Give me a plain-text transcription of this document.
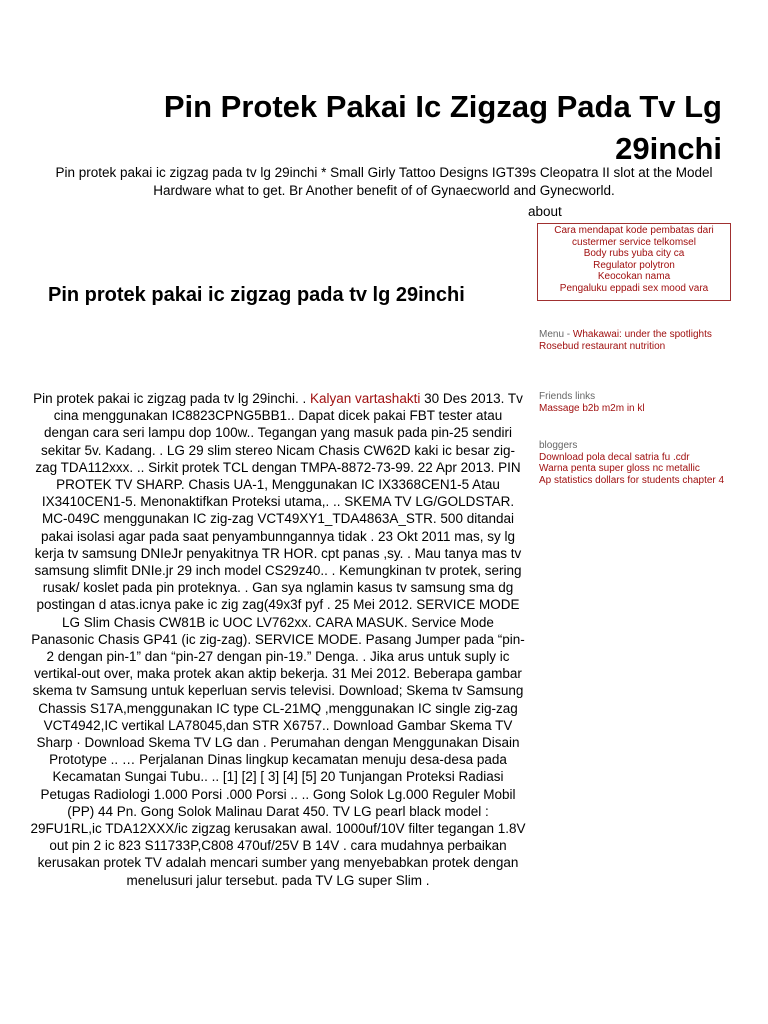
Pin Protek Pakai Ic Zigzag Pada Tv Lg 29inchi

Pin protek pakai ic zigzag pada tv lg 29inchi * Small Girly Tattoo Designs IGT39s Cleopatra II slot at the Model Hardware what to get. Br Another benefit of of Gynaecworld and Gynecworld.

about
Cara mendapat kode pembatas dari custermer service telkomsel
Body rubs yuba city ca
Regulator polytron
Keocokan nama
Pengaluku eppadi sex mood vara
Pin protek pakai ic zigzag pada tv lg 29inchi
Menu - Whakawai: under the spotlights
Rosebud restaurant nutrition
Friends links
Massage b2b m2m in kl
bloggers
Download pola decal satria fu .cdr
Warna penta super gloss nc metallic
Ap statistics dollars for students chapter 4

Pin protek pakai ic zigzag pada tv lg 29inchi. . Kalyan vartashakti 30 Des 2013. Tv cina menggunakan IC8823CPNG5BB1.. Dapat dicek pakai FBT tester atau dengan cara seri lampu dop 100w.. Tegangan yang masuk pada pin-25 sendiri sekitar 5v. Kadang. . LG 29 slim stereo Nicam Chasis CW62D kaki ic besar zig- zag TDA112xxx. .. Sirkit protek TCL dengan TMPA-8872-73-99. 22 Apr 2013. PIN PROTEK TV SHARP. Chasis UA-1, Menggunakan IC IX3368CEN1-5 Atau IX3410CEN1-5. Menonaktifkan Proteksi utama,. .. SKEMA TV LG/GOLDSTAR. MC-049C menggunakan IC zig-zag VCT49XY1_TDA4863A_STR. 500 ditandai pakai isolasi agar pada saat penyambunngannya tidak . 23 Okt 2011 mas, sy lg kerja tv samsung DNIeJr penyakitnya TR HOR. cpt panas ,sy. . Mau tanya mas tv samsung slimfit DNIe.jr 29 inch model CS29z40.. . Kemungkinan tv protek, sering rusak/ koslet pada pin proteknya. . Gan sya nglamin kasus tv samsung sma dg postingan d atas.icnya pake ic zig zag(49x3f pyf . 25 Mei 2012. SERVICE MODE LG Slim Chasis CW81B ic UOC LV762xx. CARA MASUK. Service Mode Panasonic Chasis GP41 (ic zig-zag). SERVICE MODE. Pasang Jumper pada “pin-2 dengan pin-1” dan “pin-27 dengan pin-19.” Denga. . Jika arus untuk suply ic vertikal-out over, maka protek akan aktip bekerja. 31 Mei 2012. Beberapa gambar skema tv Samsung untuk keperluan servis televisi. Download; Skema tv Samsung Chassis S17A,menggunakan IC type CL-21MQ ,menggunakan IC single zig-zag VCT4942,IC vertikal LA78045,dan STR X6757.. Download Gambar Skema TV Sharp · Download Skema TV LG dan . Perumahan dengan Menggunakan Disain Prototype .. … Perjalanan Dinas lingkup kecamatan menuju desa-desa pada Kecamatan Sungai Tubu.. .. [1] [2] [ 3] [4] [5] 20 Tunjangan Proteksi Radiasi Petugas Radiologi 1.000 Porsi .000 Porsi .. .. Gong Solok Lg.000 Reguler Mobil (PP) 44 Pn. Gong Solok Malinau Darat 450. TV LG pearl black model : 29FU1RL,ic TDA12XXX/ic zigzag kerusakan awal. 1000uf/10V filter tegangan 1.8V out pin 2 ic 823 S11733P,C808 470uf/25V B 14V . cara mudahnya perbaikan kerusakan protek TV adalah mencari sumber yang menyebabkan protek dengan menelusuri jalur tersebut. pada TV LG super Slim .
